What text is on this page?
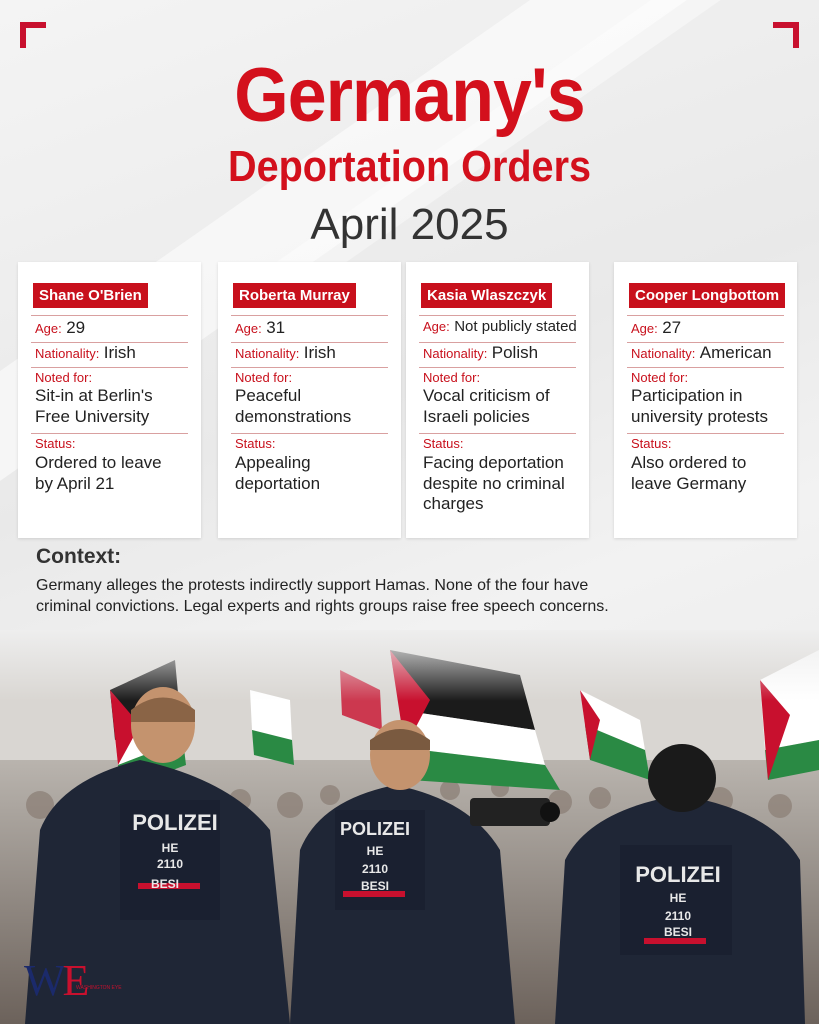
Germany's
Deportation Orders
April 2025
Shane O'Brien
Age: 29
Nationality: Irish
Noted for:
Sit-in at Berlin's
Free University
Status:
Ordered to leave
by April 21
Roberta Murray
Age: 31
Nationality: Irish
Noted for:
Peaceful
demonstrations
Status:
Appealing
deportation
Kasia Wlaszczyk
Age: Not publicly stated
Nationality: Polish
Noted for:
Vocal criticism of
Israeli policies
Status:
Facing deportation
despite no criminal
charges
Cooper Longbottom
Age: 27
Nationality: American
Noted for:
Participation in
university protests
Status:
Also ordered to
leave Germany
Context:
Germany alleges the protests indirectly support Hamas. None of the four have
criminal convictions. Legal experts and rights groups raise free speech concerns.
POLIZEI
HE
2110
BESI
POLIZEI
HE
2110
BESI	POLIZEI
HE
2110
BESI
WE
WASHINGTON EYE
